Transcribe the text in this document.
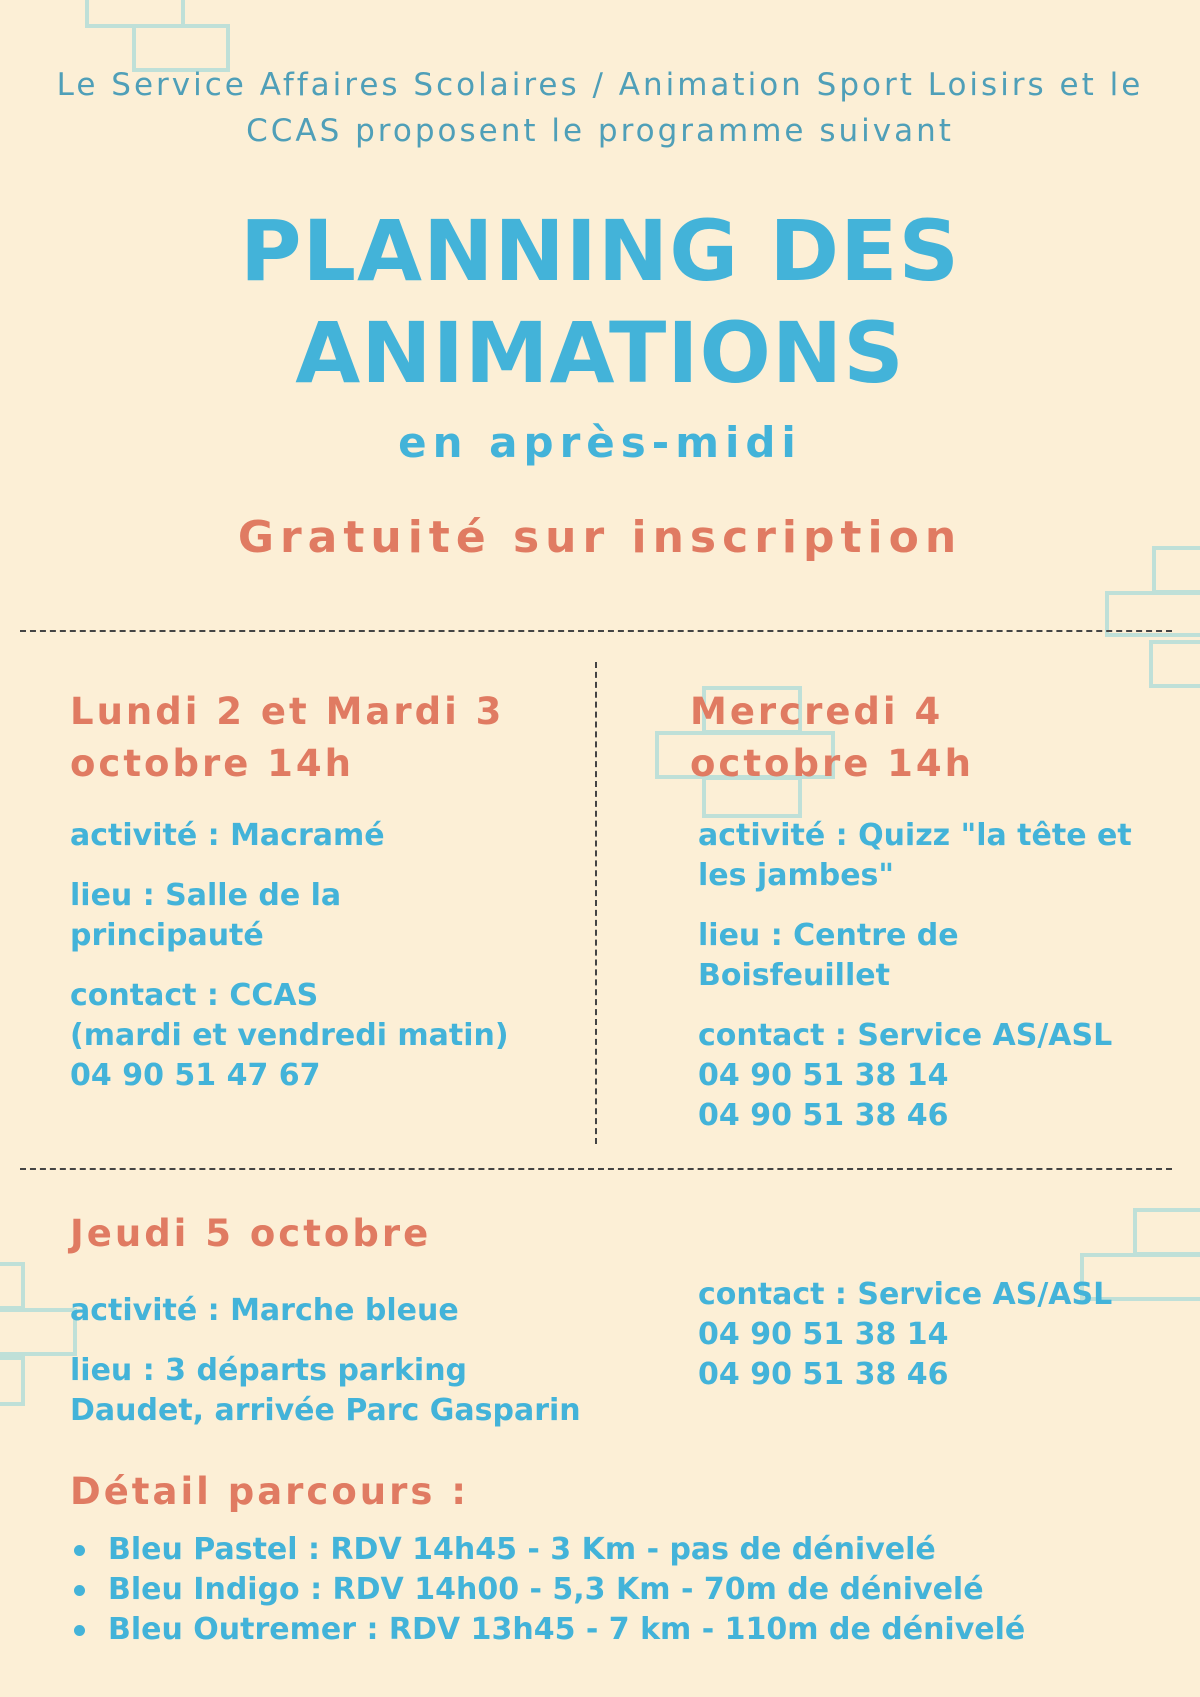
Le Service Affaires Scolaires / Animation Sport Loisirs et le
CCAS proposent le programme suivant
PLANNING DES
ANIMATIONS
en après-midi
Gratuité sur inscription
Lundi 2 et Mardi 3
octobre 14h

activité : Macramé

lieu : Salle de la
principauté

contact : CCAS
(mardi et vendredi matin)
04 90 51 47 67

Mercredi 4
octobre 14h

activité : Quizz "la tête et
les jambes"

lieu : Centre de
Boisfeuillet

contact : Service AS/ASL
04 90 51 38 14
04 90 51 38 46

Jeudi 5 octobre

activité : Marche bleue

lieu : 3 départs parking
Daudet, arrivée Parc Gasparin

contact : Service AS/ASL
04 90 51 38 14
04 90 51 38 46

Détail parcours :
Bleu Pastel : RDV 14h45 - 3 Km - pas de dénivelé
Bleu Indigo : RDV 14h00 - 5,3 Km - 70m de dénivelé
Bleu Outremer : RDV 13h45 - 7 km - 110m de dénivelé
